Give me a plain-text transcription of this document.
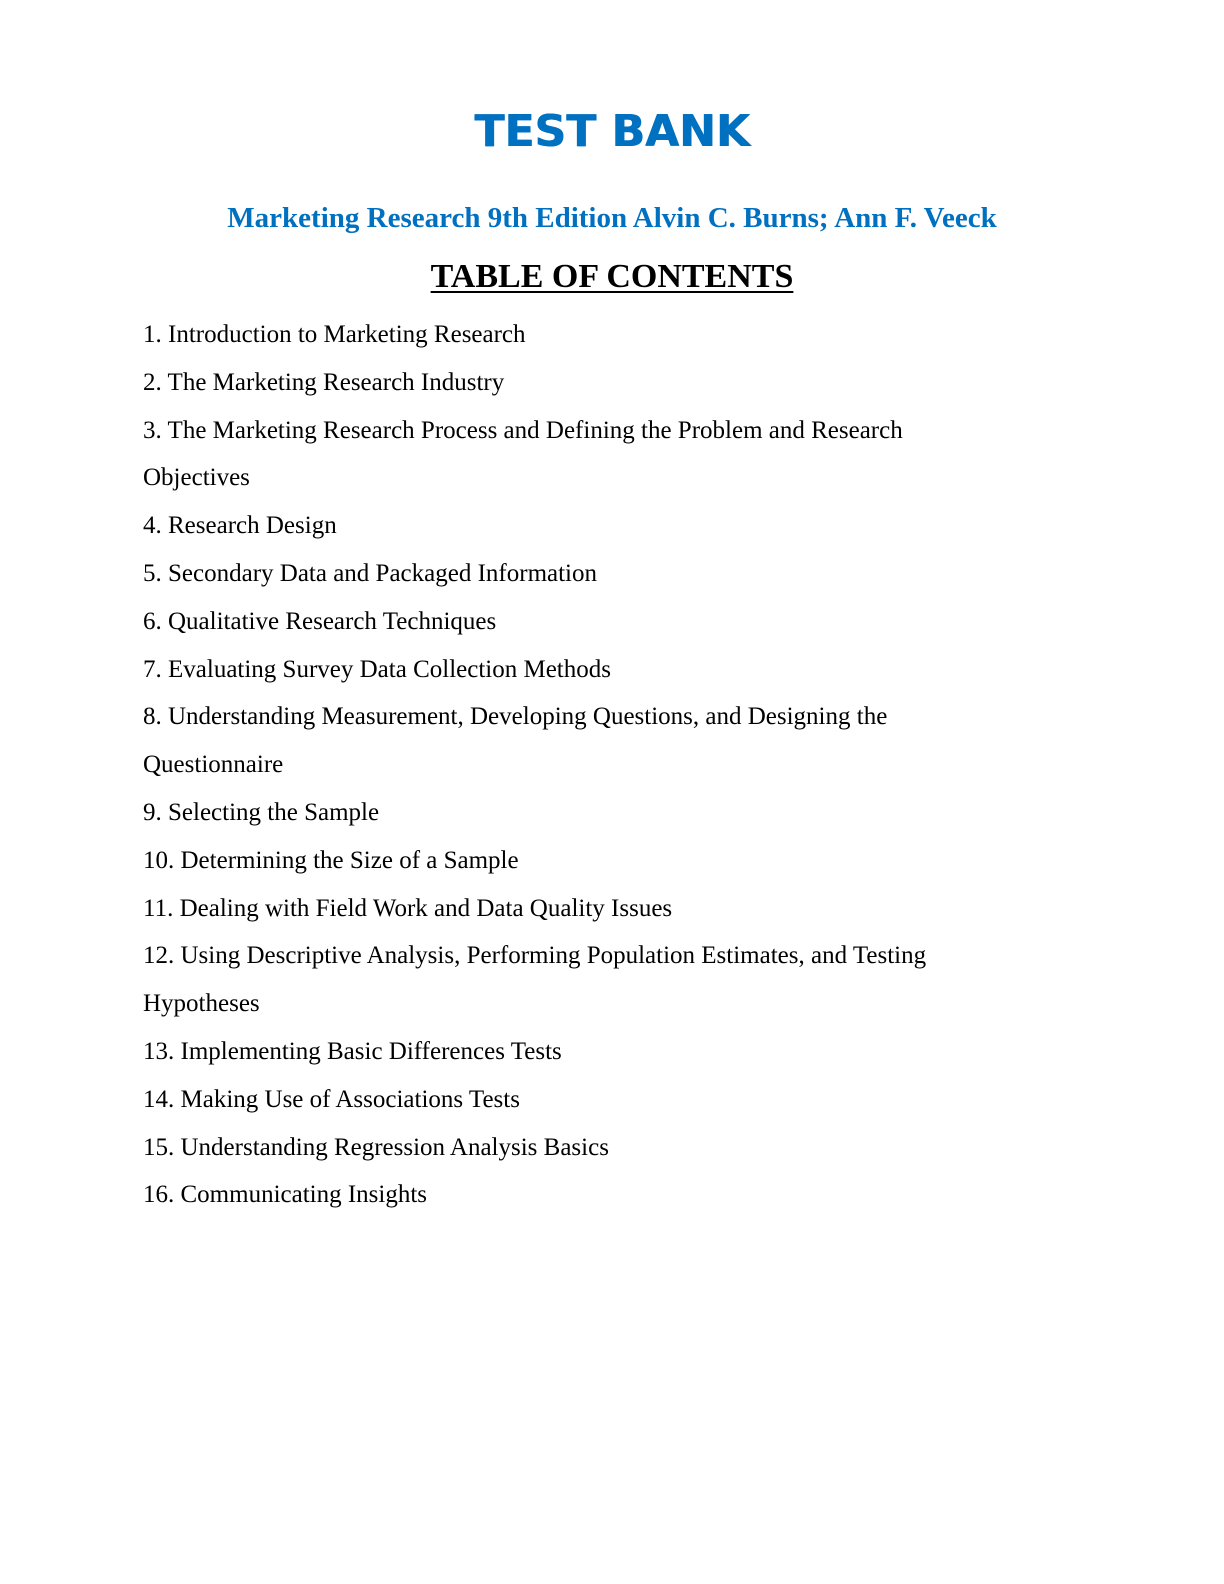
TEST BANK
Marketing Research 9th Edition Alvin C. Burns; Ann F. Veeck
TABLE OF CONTENTS
1. Introduction to Marketing Research
2. The Marketing Research Industry
3. The Marketing Research Process and Defining the Problem and Research
Objectives
4. Research Design
5. Secondary Data and Packaged Information
6. Qualitative Research Techniques
7. Evaluating Survey Data Collection Methods
8. Understanding Measurement, Developing Questions, and Designing the
Questionnaire
9. Selecting the Sample
10. Determining the Size of a Sample
11. Dealing with Field Work and Data Quality Issues
12. Using Descriptive Analysis, Performing Population Estimates, and Testing
Hypotheses
13. Implementing Basic Differences Tests
14. Making Use of Associations Tests
15. Understanding Regression Analysis Basics
16. Communicating Insights
